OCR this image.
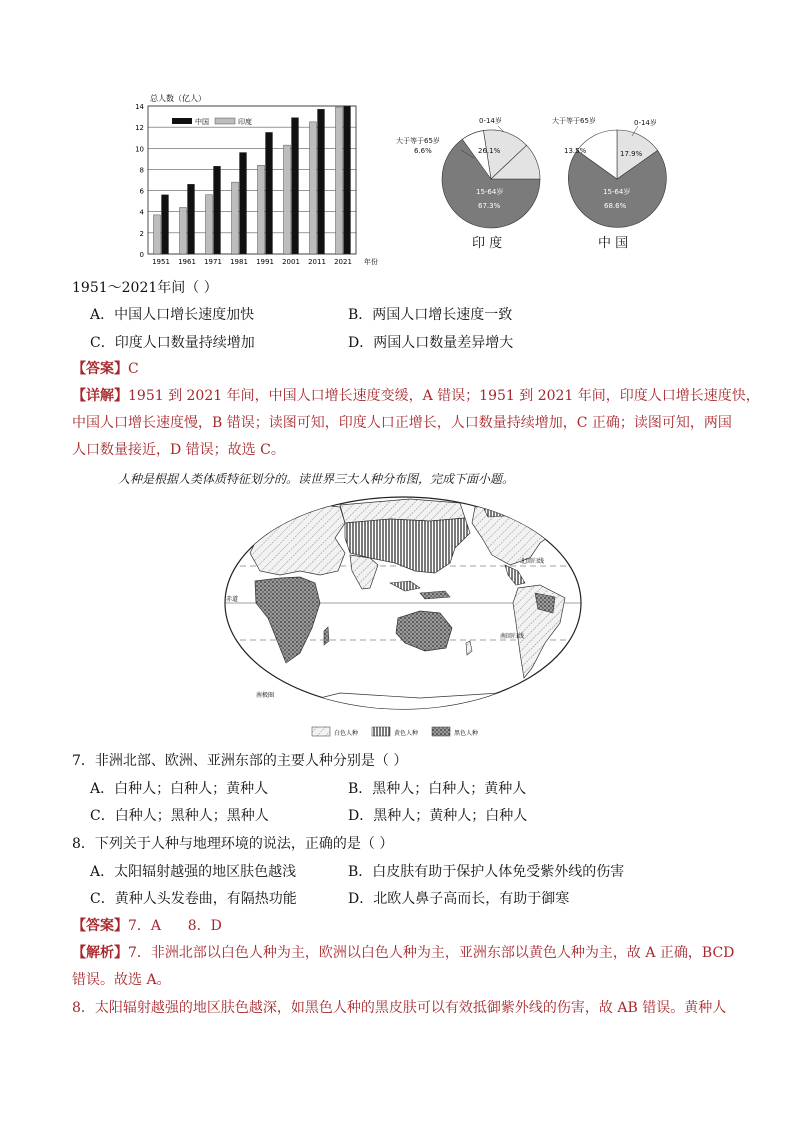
总人数（亿人）
年份
0
2
4
6
8
10
12
14
1951 1961 1971 1981 1991 2001 2011 2021
中国	印度	0-14岁
26.1%
大于等于65岁
6.6%
15-64岁
67.3%
印 度
0-14岁
17.9%
大于等于65岁
13.5%
15-64岁
68.6%
中 国
1951～2021年间（ ）
A．中国人口增长速度加快	B．两国人口增长速度一致
C．印度人口数量持续增加	D．两国人口数量差异增大
【答案】C
【详解】1951 到 2021 年间，中国人口增长速度变缓，A 错误；1951 到 2021 年间，印度人口增长速度快，
中国人口增长速度慢，B 错误；读图可知，印度人口正增长，人口数量持续增加，C 正确；读图可知，两国
人口数量接近，D 错误；故选 C。
人种是根据人类体质特征划分的。读世界三大人种分布图，完成下面小题。
北回归线
赤道
南回归线
南极圈
白色人种	黄色人种	黑色人种
7．非洲北部、欧洲、亚洲东部的主要人种分别是（ ）
A．白种人；白种人；黄种人	B．黑种人；白种人；黄种人
C．白种人；黑种人；黑种人	D．黑种人；黄种人；白种人
8．下列关于人种与地理环境的说法，正确的是（ ）
A．太阳辐射越强的地区肤色越浅	B．白皮肤有助于保护人体免受紫外线的伤害
C．黄种人头发卷曲，有隔热功能	D．北欧人鼻子高而长，有助于御寒
【答案】7．A      8．D
【解析】7．非洲北部以白色人种为主，欧洲以白色人种为主，亚洲东部以黄色人种为主，故 A 正确，BCD
错误。故选 A。
8．太阳辐射越强的地区肤色越深，如黑色人种的黑皮肤可以有效抵御紫外线的伤害，故 AB 错误。黄种人
